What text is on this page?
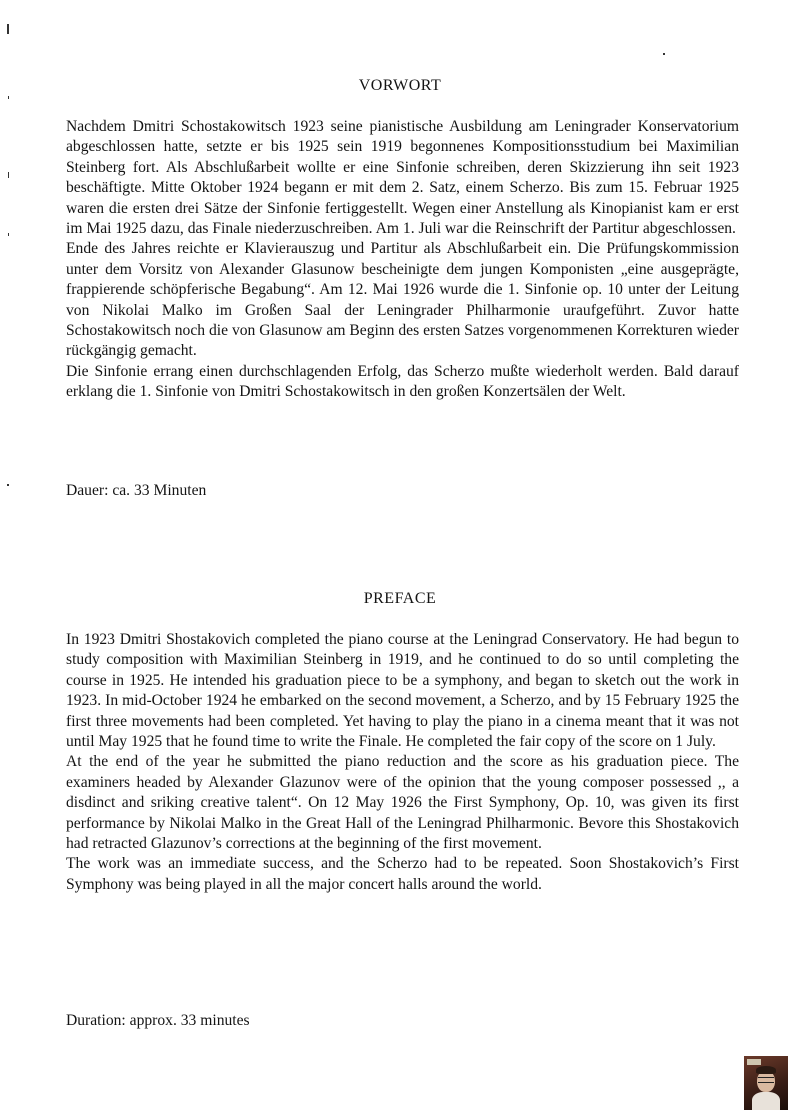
VORWORT

Nachdem Dmitri Schostakowitsch 1923 seine pianistische Ausbildung am Leningrader Konservatorium abgeschlossen hatte, setzte er bis 1925 sein 1919 begonnenes Kompositionsstudium bei Maximilian Steinberg fort. Als Abschlußarbeit wollte er eine Sinfonie schreiben, deren Skizzierung ihn seit 1923 beschäftigte. Mitte Oktober 1924 begann er mit dem 2. Satz, einem Scherzo. Bis zum 15. Februar 1925 waren die ersten drei Sätze der Sinfonie fertiggestellt. Wegen einer Anstellung als Kinopianist kam er erst im Mai 1925 dazu, das Finale niederzuschreiben. Am 1. Juli war die Reinschrift der Partitur abgeschlossen.

Ende des Jahres reichte er Klavierauszug und Partitur als Abschlußarbeit ein. Die Prüfungskommission unter dem Vorsitz von Alexander Glasunow bescheinigte dem jungen Komponisten „eine ausgeprägte, frappierende schöpferische Begabung“. Am 12. Mai 1926 wurde die 1. Sinfonie op. 10 unter der Leitung von Nikolai Malko im Großen Saal der Leningrader Philharmonie uraufgeführt. Zuvor hatte Schostakowitsch noch die von Glasunow am Beginn des ersten Satzes vorgenommenen Korrekturen wieder rückgängig gemacht.

Die Sinfonie errang einen durchschlagenden Erfolg, das Scherzo mußte wiederholt werden. Bald darauf erklang die 1. Sinfonie von Dmitri Schostakowitsch in den großen Konzertsälen der Welt.

Dauer: ca. 33 Minuten
PREFACE

In 1923 Dmitri Shostakovich completed the piano course at the Leningrad Conservatory. He had begun to study composition with Maximilian Steinberg in 1919, and he continued to do so until completing the course in 1925. He intended his graduation piece to be a symphony, and began to sketch out the work in 1923. In mid-October 1924 he embarked on the second movement, a Scherzo, and by 15 February 1925 the first three movements had been completed. Yet having to play the piano in a cinema meant that it was not until May 1925 that he found time to write the Finale. He completed the fair copy of the score on 1 July.

At the end of the year he submitted the piano reduction and the score as his graduation piece. The examiners headed by Alexander Glazunov were of the opinion that the young composer possessed ,, a disdinct and sriking creative talent“. On 12 May 1926 the First Symphony, Op. 10, was given its first performance by Nikolai Malko in the Great Hall of the Leningrad Philharmonic. Bevore this Shostakovich had retracted Glazunov’s corrections at the beginning of the first movement.

The work was an immediate success, and the Scherzo had to be repeated. Soon Shostakovich’s First Symphony was being played in all the major concert halls around the world.

Duration: approx. 33 minutes
